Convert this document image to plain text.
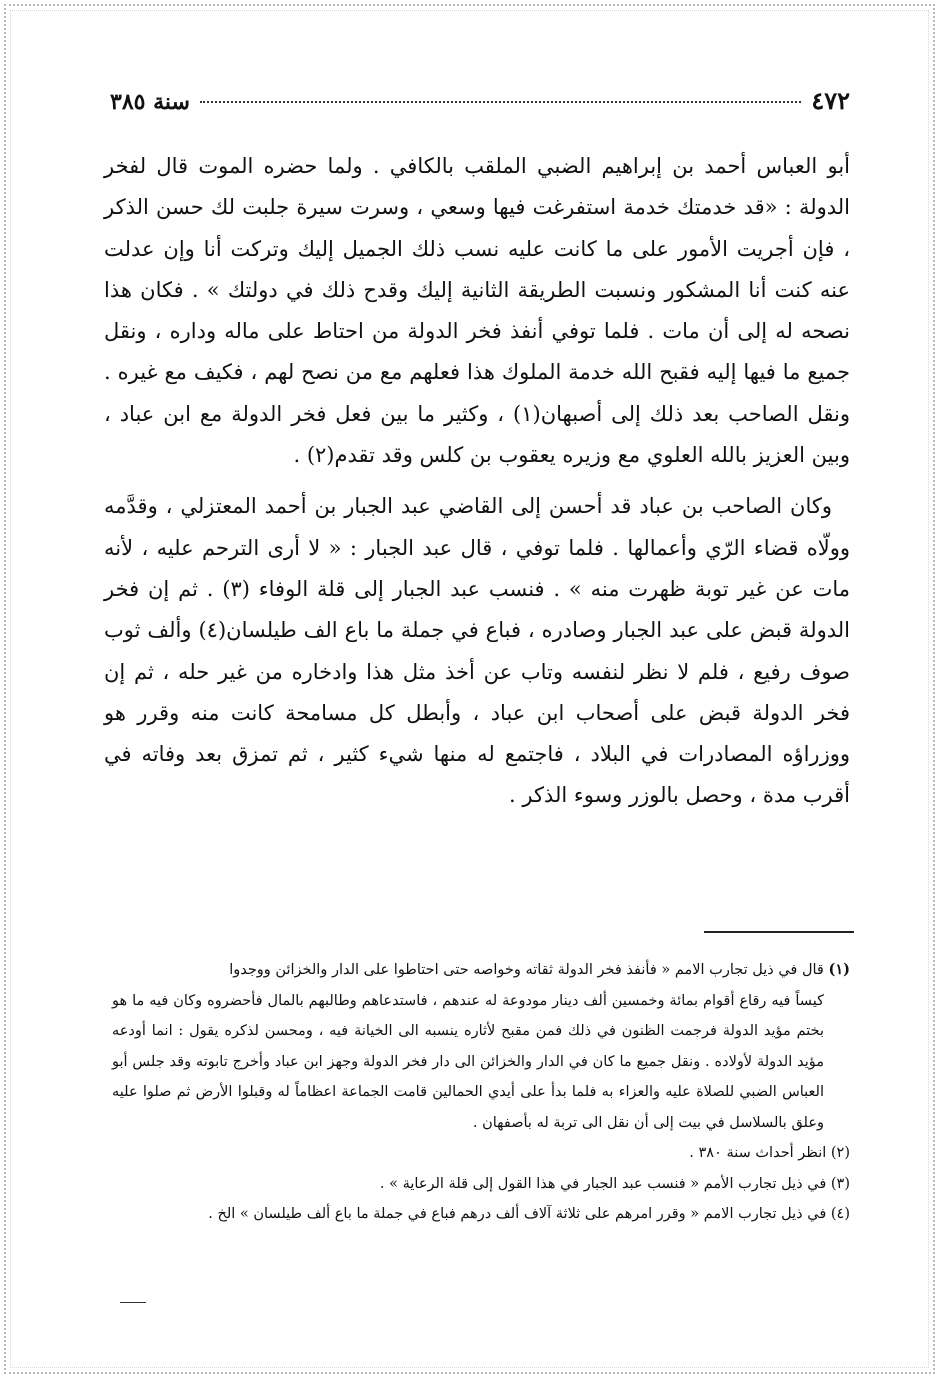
٤٧٢
سنة ٣٨٥

أبو العباس أحمد بن إبراهيم الضبي الملقب بالكافي . ولما حضره الموت قال لفخر الدولة : «قد خدمتك خدمة استفرغت فيها وسعي ، وسرت سيرة جلبت لك حسن الذكر ، فإن أجريت الأمور على ما كانت عليه نسب ذلك الجميل إليك وتركت أنا وإن عدلت عنه كنت أنا المشكور ونسبت الطريقة الثانية إليك وقدح ذلك في دولتك » . فكان هذا نصحه له إلى أن مات . فلما توفي أنفذ فخر الدولة من احتاط على ماله وداره ، ونقل جميع ما فيها إليه فقبح الله خدمة الملوك هذا فعلهم مع من نصح لهم ، فكيف مع غيره . ونقل الصاحب بعد ذلك إلى أصبهان(١) ، وكثير ما بين فعل فخر الدولة مع ابن عباد ، وبين العزيز بالله العلوي مع وزيره يعقوب بن كلس وقد تقدم(٢) .

وكان الصاحب بن عباد قد أحسن إلى القاضي عبد الجبار بن أحمد المعتزلي ، وقدَّمه وولّاه قضاء الرّي وأعمالها . فلما توفي ، قال عبد الجبار : « لا أرى الترحم عليه ، لأنه مات عن غير توبة ظهرت منه » . فنسب عبد الجبار إلى قلة الوفاء (٣) . ثم إن فخر الدولة قبض على عبد الجبار وصادره ، فباع في جملة ما باع الف طيلسان(٤) وألف ثوب صوف رفيع ، فلم لا نظر لنفسه وتاب عن أخذ مثل هذا وادخاره من غير حله ، ثم إن فخر الدولة قبض على أصحاب ابن عباد ، وأبطل كل مسامحة كانت منه وقرر هو ووزراؤه المصادرات في البلاد ، فاجتمع له منها شيء كثير ، ثم تمزق بعد وفاته في أقرب مدة ، وحصل بالوزر وسوء الذكر .

(١) قال في ذيل تجارب الامم « فأنفذ فخر الدولة ثقاته وخواصه حتى احتاطوا على الدار والخزائن ووجدوا

كيساً فيه رقاع أقوام بمائة وخمسين ألف دينار مودوعة له عندهم ، فاستدعاهم وطالبهم بالمال فأحضروه وكان فيه ما هو بختم مؤيد الدولة فرجمت الظنون في ذلك فمن مقبح لأثاره ينسبه الى الخيانة فيه ، ومحسن لذكره يقول : انما أودعه مؤيد الدولة لأولاده . ونقل جميع ما كان في الدار والخزائن الى دار فخر الدولة وجهز ابن عباد وأخرج تابوته وقد جلس أبو العباس الضبي للصلاة عليه والعزاء به فلما بدأ على أيدي الحمالين قامت الجماعة اعظاماً له وقبلوا الأرض ثم صلوا عليه وعلق بالسلاسل في بيت إلى أن نقل الى تربة له بأصفهان .

(٢) انظر أحداث سنة ٣٨٠ .

(٣) في ذيل تجارب الأمم « فنسب عبد الجبار في هذا القول إلى قلة الرعاية » .

(٤) في ذيل تجارب الامم « وقرر امرهم على ثلاثة آلاف ألف درهم فباع في جملة ما باع ألف طيلسان » الخ .
